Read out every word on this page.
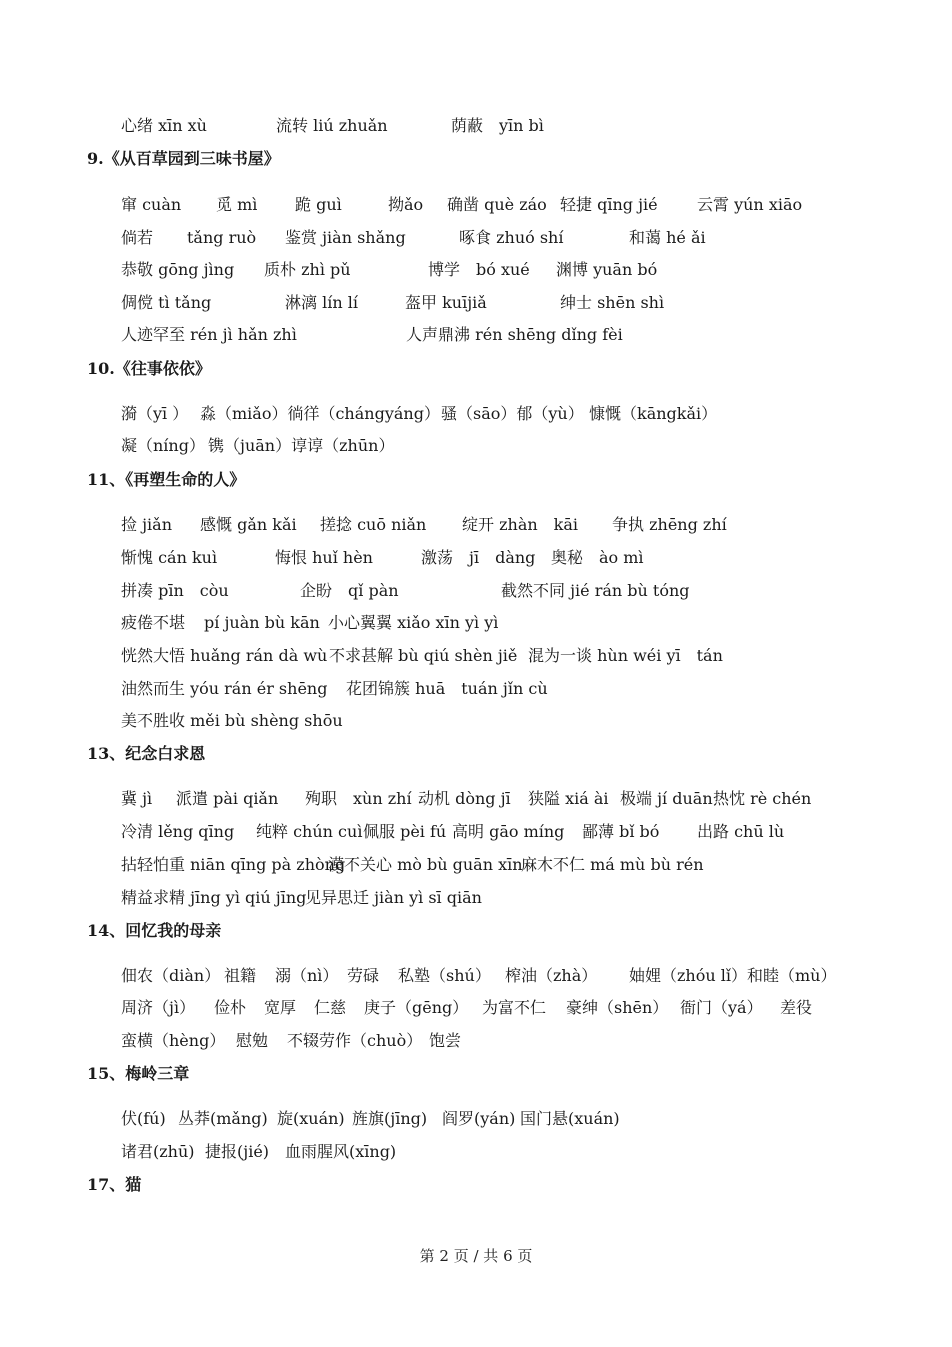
心绪 xīn xù	流转 liú zhuǎn	荫蔽　yīn bì
9.《从百草园到三味书屋》
窜 cuàn 觅 mì 跪 guì	拗ǎo 确凿 què záo 轻捷 qīng jié 云霄 yún xiāo
倘若 tǎng ruò 鉴赏 jiàn shǎng	啄食 zhuó shí	和蔼 hé ǎi
恭敬 gōng jìng 质朴 zhì pǔ	博学　bó xué 渊博 yuān bó
倜傥 tì tǎng	淋漓 lín lí	盔甲 kuījiǎ	绅士 shēn shì
人迹罕至 rén jì hǎn zhì	人声鼎沸 rén shēng dǐng fèi
10.《往事依依》
漪（yī ） 淼（miǎo）徜徉（chángyáng） 骚（sāo）郁（yù） 慷慨（kāngkǎi）
凝（níng） 镌（juān）谆谆（zhūn）
11、《再塑生命的人》
捡 jiǎn 感慨 gǎn kǎi 搓捻 cuō niǎn 绽开 zhàn　kāi 争执 zhēng zhí
惭愧 cán kuì	悔恨 huǐ hèn	激荡　jī　dàng 奥秘　ào mì
拼凑 pīn　còu	企盼　qǐ pàn	截然不同 jié rán bù tóng
疲倦不堪 pí juàn bù kān 小心翼翼 xiǎo xīn yì yì
恍然大悟 huǎng rán dà wù 不求甚解 bù qiú shèn jiě 混为一谈 hùn wéi yī　tán
油然而生 yóu rán ér shēng 花团锦簇 huā　tuán jǐn cù
美不胜收 měi bù shèng shōu
13、纪念白求恩
冀 jì 派遣 pài qiǎn 殉职　xùn zhí 动机 dòng jī 狭隘 xiá ài 极端 jí duān 热忱 rè chén
冷清 lěng qīng 纯粹 chún cuì 佩服 pèi fú 高明 gāo míng 鄙薄 bǐ bó 出路 chū lù
拈轻怕重 niān qīng pà zhòng
漠不关心 mò bù guān xīn
麻木不仁 má mù bù rén
精益求精 jīng yì qiú jīng
见异思迁 jiàn yì sī qiān
14、回忆我的母亲
佃农（diàn） 祖籍 溺（nì） 劳碌 私塾（shú） 榨油（zhà） 妯娌（zhóu lǐ）和睦（mù）
周济（jì） 俭朴 宽厚 仁慈 庚子（gēng） 为富不仁 豪绅（shēn） 衙门（yá） 差役
蛮横（hèng） 慰勉 不辍劳作（chuò） 饱尝
15、梅岭三章
伏(fú) 丛莽(mǎng) 旋(xuán) 旌旗(jīng) 阎罗(yán) 国门悬(xuán)
诸君(zhū) 捷报(jié) 血雨腥风(xīng)
17、猫
第 2 页 / 共 6 页
